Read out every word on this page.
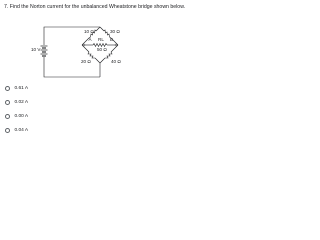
7. Find the Norton current for the unbalanced Wheatstone bridge shown below.
10 V
10 Ω	30 Ω
A RL B
50 Ω
20 Ω	40 Ω
0.61 A
0.02 A
0.00 A
0.04 A
